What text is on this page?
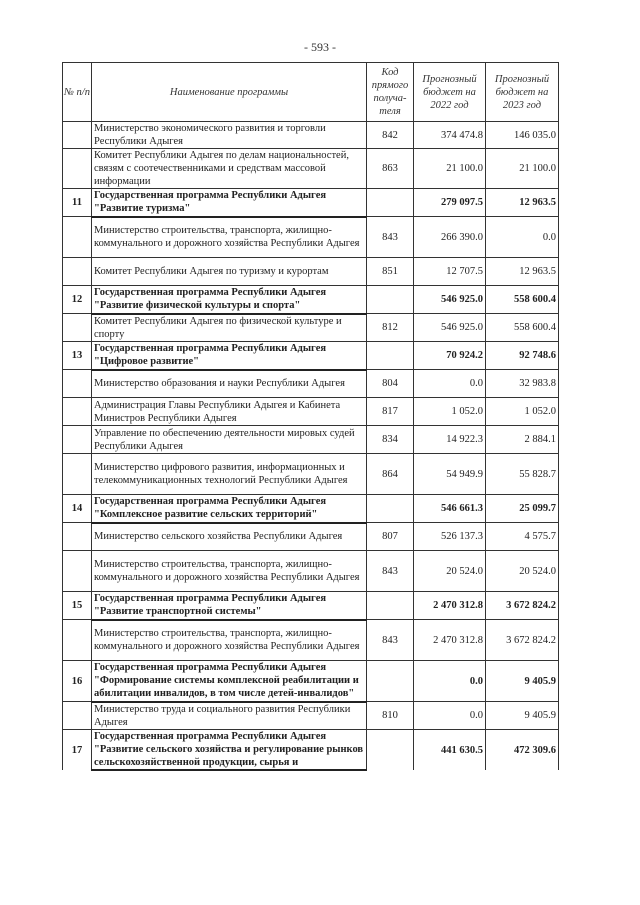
- 593 -
№ п/п	Наименование программы	Код прямого получа-теля	Прогнозный бюджет на 2022 год	Прогнозный бюджет на 2023 год
	Министерство экономического развития и торговли Республики Адыгея	842	374 474.8	146 035.0
	Комитет Республики Адыгея по делам национальностей, связям с соотечественниками и средствам массовой информации	863	21 100.0	21 100.0
11	Государственная программа Республики Адыгея "Развитие туризма"		279 097.5	12 963.5
	Министерство строительства, транспорта, жилищно-коммунального и дорожного хозяйства Республики Адыгея	843	266 390.0	0.0
	Комитет Республики Адыгея по туризму и курортам	851	12 707.5	12 963.5
12	Государственная программа Республики Адыгея "Развитие физической культуры и спорта"		546 925.0	558 600.4
	Комитет Республики Адыгея по физической культуре и спорту	812	546 925.0	558 600.4
13	Государственная программа Республики Адыгея "Цифровое развитие"		70 924.2	92 748.6
	Министерство образования и науки Республики Адыгея	804	0.0	32 983.8
	Администрация Главы Республики Адыгея и Кабинета Министров Республики Адыгея	817	1 052.0	1 052.0
	Управление по обеспечению деятельности мировых судей Республики Адыгея	834	14 922.3	2 884.1
	Министерство цифрового развития, информационных и телекоммуникационных технологий Республики Адыгея	864	54 949.9	55 828.7
14	Государственная программа Республики Адыгея "Комплексное развитие сельских территорий"		546 661.3	25 099.7
	Министерство сельского хозяйства Республики Адыгея	807	526 137.3	4 575.7
	Министерство строительства, транспорта, жилищно-коммунального и дорожного хозяйства Республики Адыгея	843	20 524.0	20 524.0
15	Государственная программа Республики Адыгея "Развитие транспортной системы"		2 470 312.8	3 672 824.2
	Министерство строительства, транспорта, жилищно-коммунального и дорожного хозяйства Республики Адыгея	843	2 470 312.8	3 672 824.2
16	Государственная программа Республики Адыгея "Формирование системы комплексной реабилитации и абилитации инвалидов, в том числе детей-инвалидов"		0.0	9 405.9
	Министерство труда и социального развития Республики Адыгея	810	0.0	9 405.9
17	Государственная программа Республики Адыгея "Развитие сельского хозяйства и регулирование рынков сельскохозяйственной продукции, сырья и		441 630.5	472 309.6
